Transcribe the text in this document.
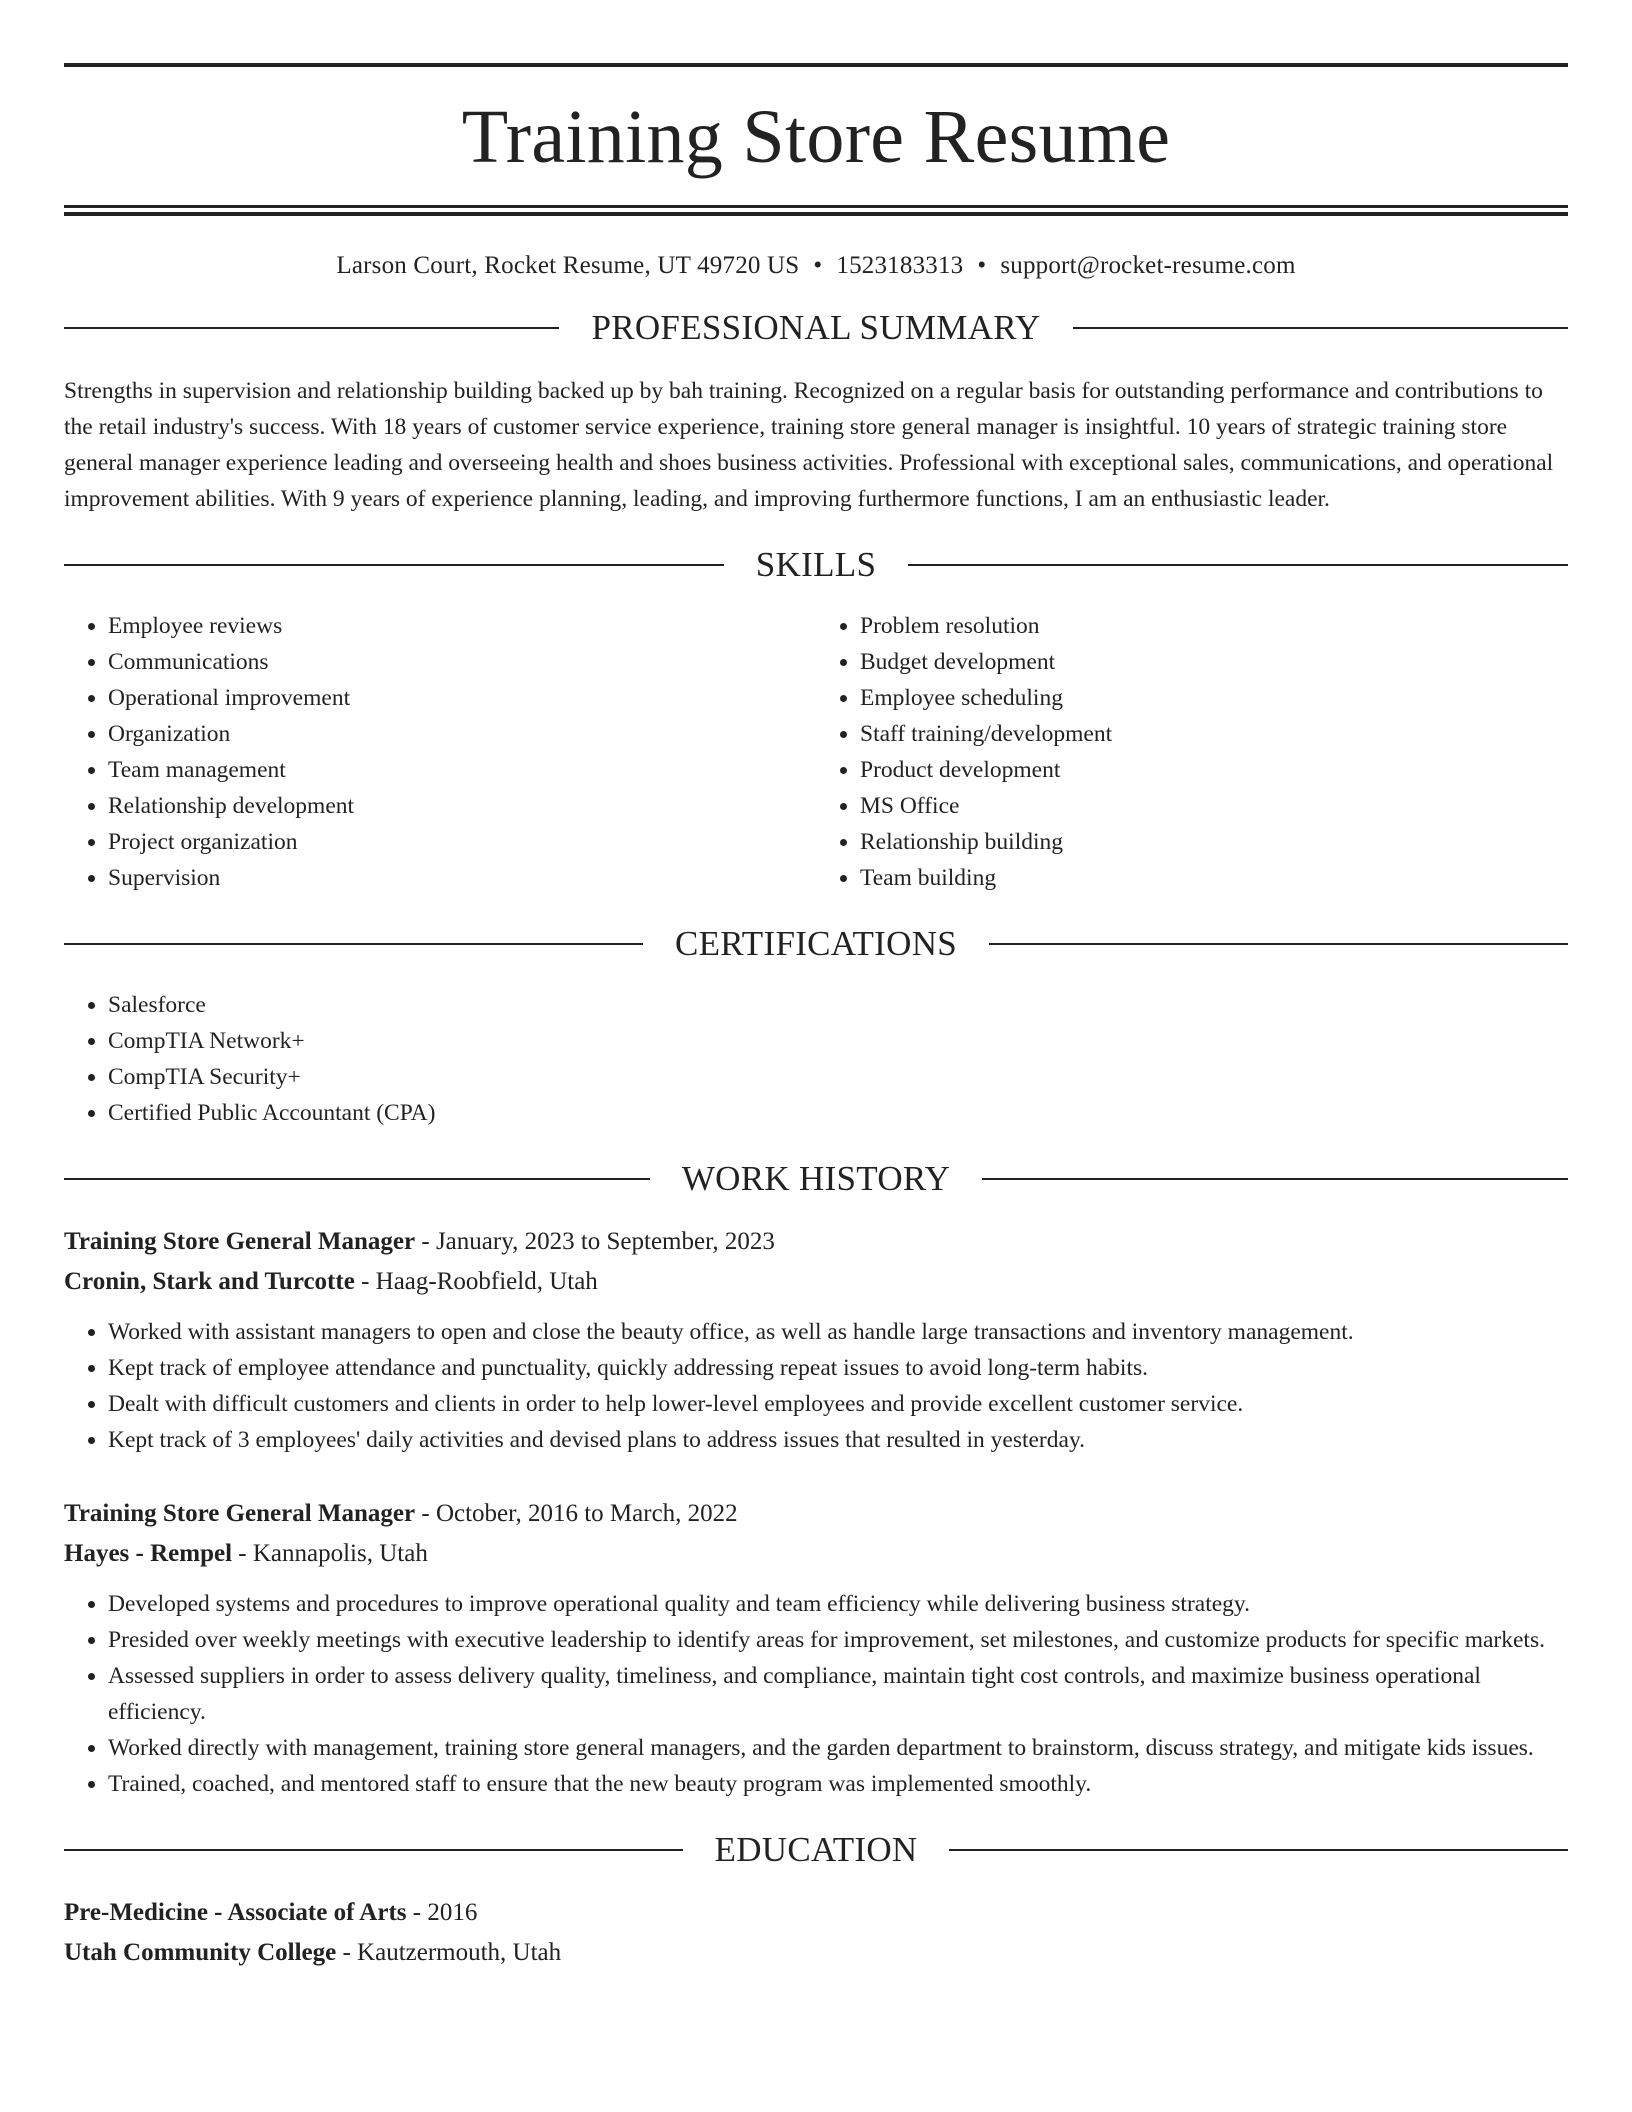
Training Store Resume
Larson Court, Rocket Resume, UT 49720 US • 1523183313 • support@rocket-resume.com
PROFESSIONAL SUMMARY

Strengths in supervision and relationship building backed up by bah training. Recognized on a regular basis for outstanding performance and contributions to the retail industry's success. With 18 years of customer service experience, training store general manager is insightful. 10 years of strategic training store general manager experience leading and overseeing health and shoes business activities. Professional with exceptional sales, communications, and operational improvement abilities. With 9 years of experience planning, leading, and improving furthermore functions, I am an enthusiastic leader.

SKILLS
• Employee reviews
• Communications
• Operational improvement
• Organization
• Team management
• Relationship development
• Project organization
• Supervision
• Problem resolution
• Budget development
• Employee scheduling
• Staff training/development
• Product development
• MS Office
• Relationship building
• Team building
CERTIFICATIONS
• Salesforce
• CompTIA Network+
• CompTIA Security+
• Certified Public Accountant (CPA)
WORK HISTORY
Training Store General Manager - January, 2023 to September, 2023
Cronin, Stark and Turcotte - Haag-Roobfield, Utah
• Worked with assistant managers to open and close the beauty office, as well as handle large transactions and inventory management.
• Kept track of employee attendance and punctuality, quickly addressing repeat issues to avoid long-term habits.
• Dealt with difficult customers and clients in order to help lower-level employees and provide excellent customer service.
• Kept track of 3 employees' daily activities and devised plans to address issues that resulted in yesterday.
Training Store General Manager - October, 2016 to March, 2022
Hayes - Rempel - Kannapolis, Utah
• Developed systems and procedures to improve operational quality and team efficiency while delivering business strategy.
• Presided over weekly meetings with executive leadership to identify areas for improvement, set milestones, and customize products for specific markets.
• Assessed suppliers in order to assess delivery quality, timeliness, and compliance, maintain tight cost controls, and maximize business operational efficiency.
• Worked directly with management, training store general managers, and the garden department to brainstorm, discuss strategy, and mitigate kids issues.
• Trained, coached, and mentored staff to ensure that the new beauty program was implemented smoothly.
EDUCATION
Pre-Medicine - Associate of Arts - 2016
Utah Community College - Kautzermouth, Utah
